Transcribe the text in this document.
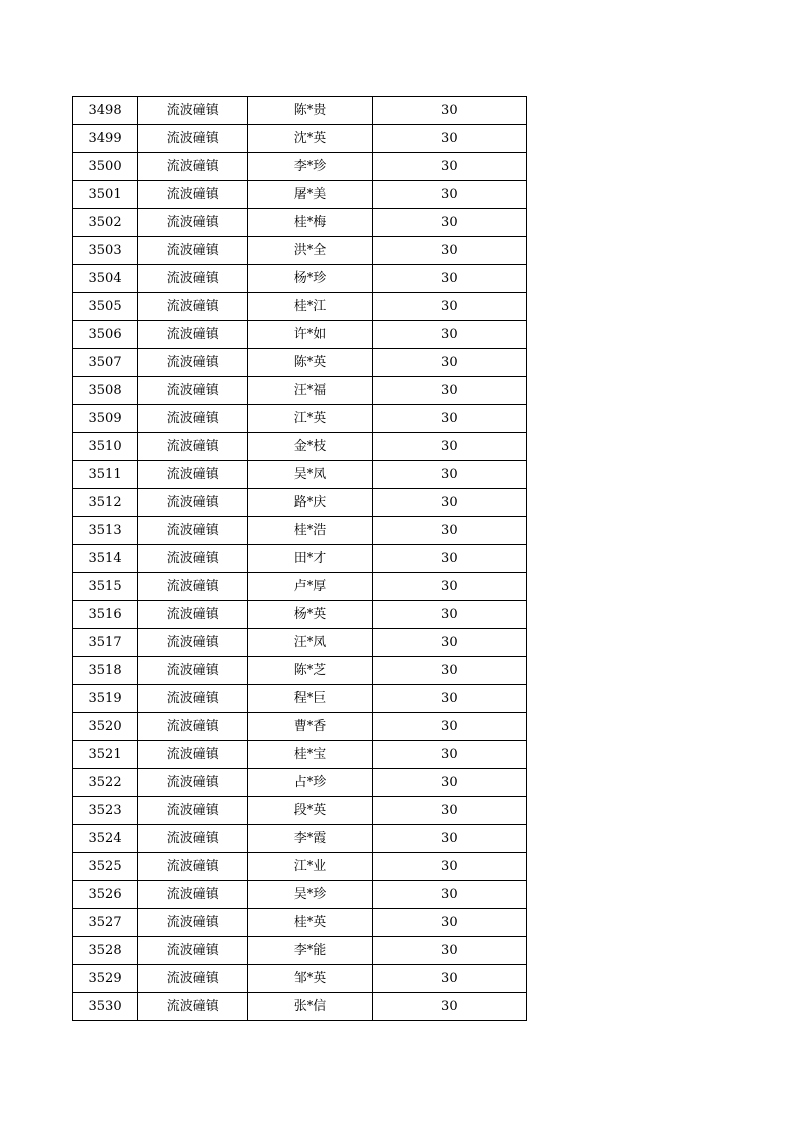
3498	流波䃥镇	陈*贵	30
3499	流波䃥镇	沈*英	30
3500	流波䃥镇	李*珍	30
3501	流波䃥镇	屠*美	30
3502	流波䃥镇	桂*梅	30
3503	流波䃥镇	洪*全	30
3504	流波䃥镇	杨*珍	30
3505	流波䃥镇	桂*江	30
3506	流波䃥镇	许*如	30
3507	流波䃥镇	陈*英	30
3508	流波䃥镇	汪*福	30
3509	流波䃥镇	江*英	30
3510	流波䃥镇	金*枝	30
3511	流波䃥镇	吴*凤	30
3512	流波䃥镇	路*庆	30
3513	流波䃥镇	桂*浩	30
3514	流波䃥镇	田*才	30
3515	流波䃥镇	卢*厚	30
3516	流波䃥镇	杨*英	30
3517	流波䃥镇	汪*凤	30
3518	流波䃥镇	陈*芝	30
3519	流波䃥镇	程*巨	30
3520	流波䃥镇	曹*香	30
3521	流波䃥镇	桂*宝	30
3522	流波䃥镇	占*珍	30
3523	流波䃥镇	段*英	30
3524	流波䃥镇	李*霞	30
3525	流波䃥镇	江*业	30
3526	流波䃥镇	吴*珍	30
3527	流波䃥镇	桂*英	30
3528	流波䃥镇	李*能	30
3529	流波䃥镇	邹*英	30
3530	流波䃥镇	张*信	30
